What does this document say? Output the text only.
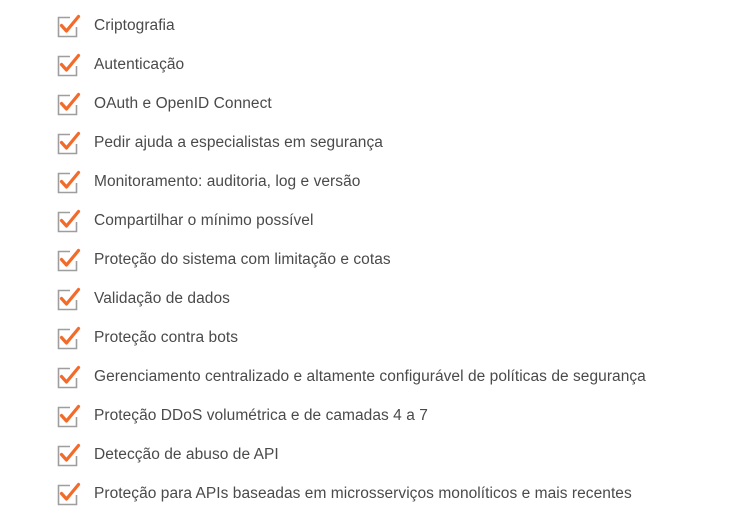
Criptografia
Autenticação
OAuth e OpenID Connect
Pedir ajuda a especialistas em segurança
Monitoramento: auditoria, log e versão
Compartilhar o mínimo possível
Proteção do sistema com limitação e cotas
Validação de dados
Proteção contra bots
Gerenciamento centralizado e altamente configurável de políticas de segurança
Proteção DDoS volumétrica e de camadas 4 a 7
Detecção de abuso de API
Proteção para APIs baseadas em microsserviços monolíticos e mais recentes
